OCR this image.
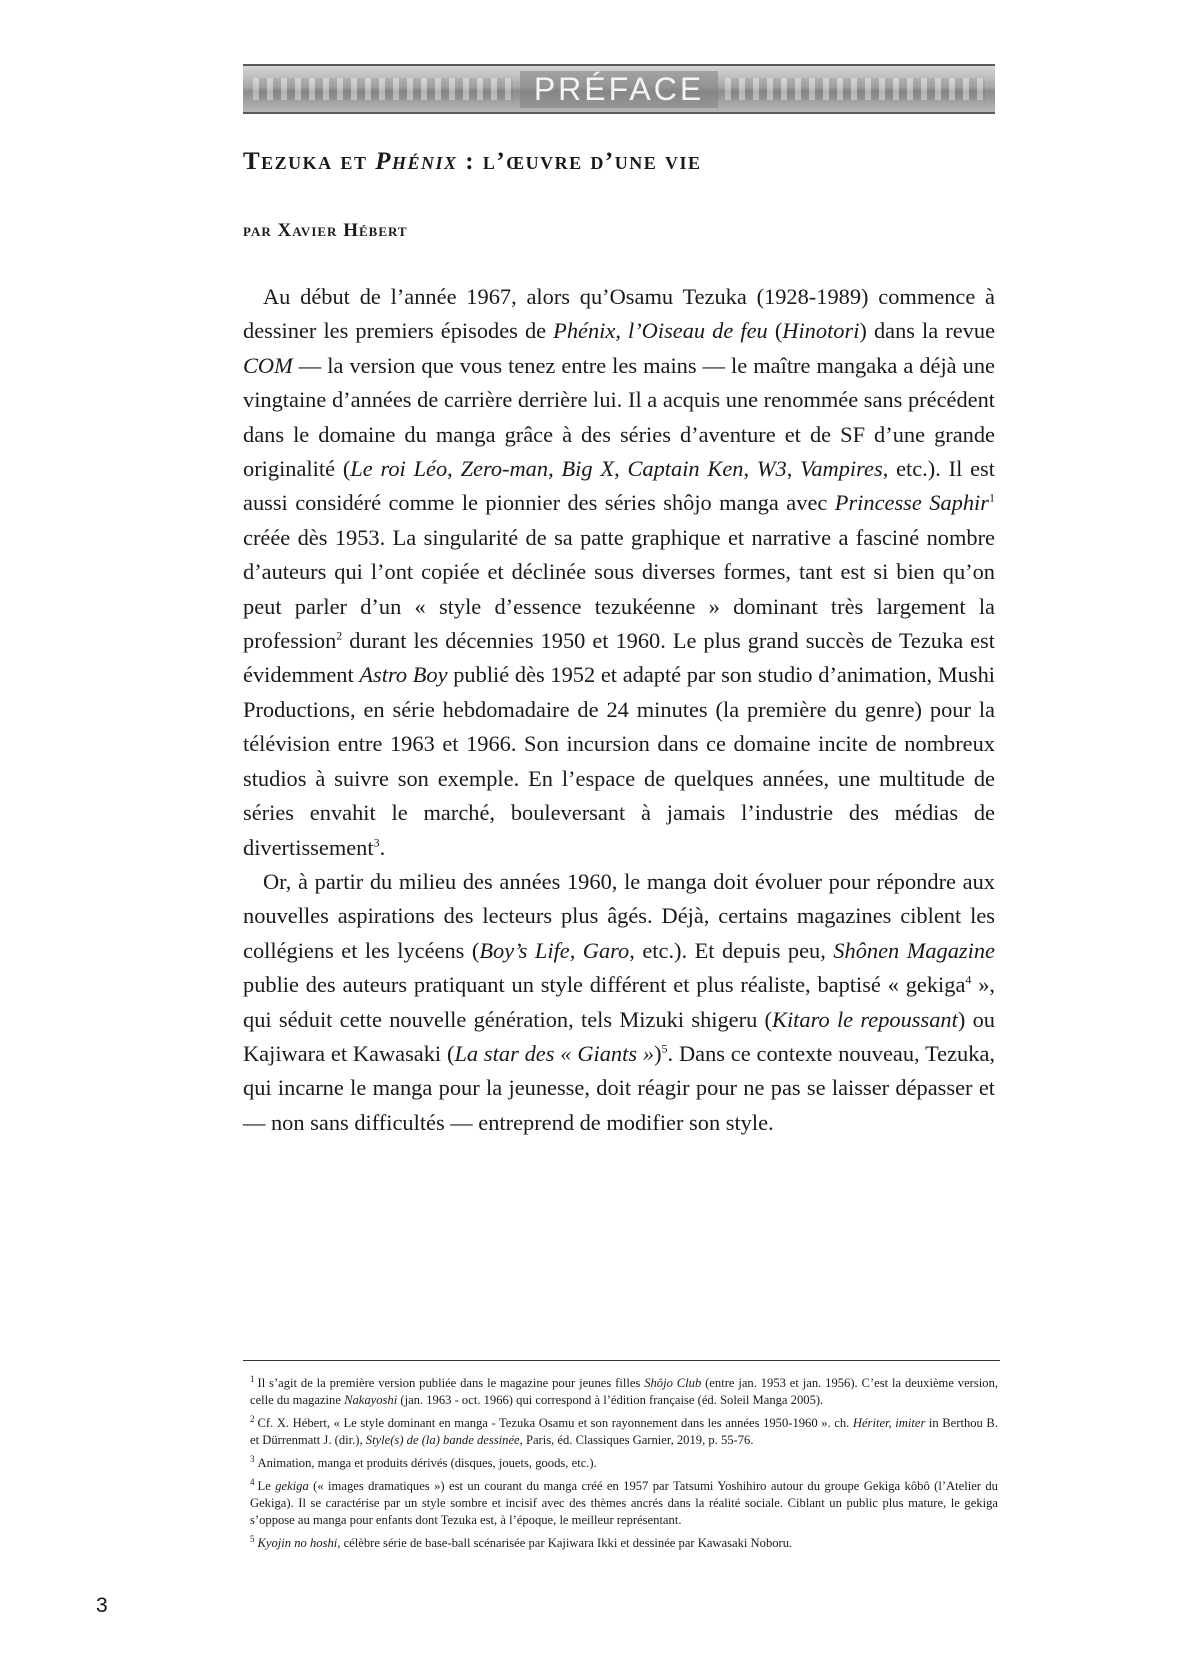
PRÉFACE
Tezuka et Phénix : l’œuvre d’une vie
par Xavier Hébert

Au début de l’année 1967, alors qu’Osamu Tezuka (1928-1989) commence à dessiner les premiers épisodes de Phénix, l’Oiseau de feu (Hinotori) dans la revue COM — la version que vous tenez entre les mains — le maître mangaka a déjà une vingtaine d’années de carrière derrière lui. Il a acquis une renommée sans précédent dans le domaine du manga grâce à des séries d’aventure et de SF d’une grande originalité (Le roi Léo, Zero-man, Big X, Captain Ken, W3, Vampires, etc.). Il est aussi considéré comme le pionnier des séries shôjo manga avec Princesse Saphir$^1$ créée dès 1953. La singularité de sa patte graphique et narrative a fasciné nombre d’auteurs qui l’ont copiée et déclinée sous diverses formes, tant est si bien qu’on peut parler d’un « style d’essence tezukéenne » dominant très largement la profession$^2$ durant les décennies 1950 et 1960. Le plus grand succès de Tezuka est évidemment Astro Boy publié dès 1952 et adapté par son studio d’animation, Mushi Productions, en série hebdomadaire de 24 minutes (la première du genre) pour la télévision entre 1963 et 1966. Son incursion dans ce domaine incite de nombreux studios à suivre son exemple. En l’espace de quelques années, une multitude de séries envahit le marché, bouleversant à jamais l’industrie des médias de divertissement$^3$.

Or, à partir du milieu des années 1960, le manga doit évoluer pour répondre aux nouvelles aspirations des lecteurs plus âgés. Déjà, certains magazines ciblent les collégiens et les lycéens (Boy’s Life, Garo, etc.). Et depuis peu, Shônen Magazine publie des auteurs pratiquant un style différent et plus réaliste, baptisé « gekiga$^4$ », qui séduit cette nouvelle génération, tels Mizuki shigeru (Kitaro le repoussant) ou Kajiwara et Kawasaki (La star des « Giants »)$^5$. Dans ce contexte nouveau, Tezuka, qui incarne le manga pour la jeunesse, doit réagir pour ne pas se laisser dépasser et — non sans difficultés — entreprend de modifier son style.

$^1$ Il s’agit de la première version publiée dans le magazine pour jeunes filles Shôjo Club (entre jan. 1953 et jan. 1956). C’est la deuxième version, celle du magazine Nakayoshi (jan. 1963 - oct. 1966) qui correspond à l’édition française (éd. Soleil Manga 2005).

$^2$ Cf. X. Hébert, « Le style dominant en manga - Tezuka Osamu et son rayonnement dans les années 1950-1960 ». ch. Hériter, imiter in Berthou B. et Dürrenmatt J. (dir.), Style(s) de (la) bande dessinée, Paris, éd. Classiques Garnier, 2019, p. 55-76.

$^3$ Animation, manga et produits dérivés (disques, jouets, goods, etc.).

$^4$ Le gekiga (« images dramatiques ») est un courant du manga créé en 1957 par Tatsumi Yoshihiro autour du groupe Gekiga kôbô (l’Atelier du Gekiga). Il se caractérise par un style sombre et incisif avec des thèmes ancrés dans la réalité sociale. Ciblant un public plus mature, le gekiga s’oppose au manga pour enfants dont Tezuka est, à l’époque, le meilleur représentant.

$^5$ Kyojin no hoshi, célèbre série de base-ball scénarisée par Kajiwara Ikki et dessinée par Kawasaki Noboru.

3
